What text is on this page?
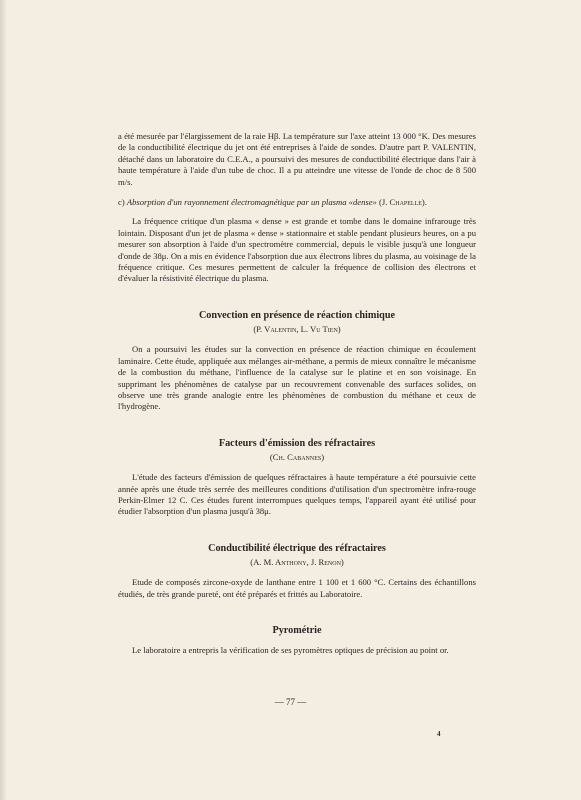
a été mesurée par l'élargissement de la raie Hβ. La température sur l'axe atteint 13 000 °K. Des mesures de la conductibilité électrique du jet ont été entreprises à l'aide de sondes. D'autre part P. VALENTIN, détaché dans un laboratoire du C.E.A., a poursuivi des mesures de conductibilité électrique dans l'air à haute température à l'aide d'un tube de choc. Il a pu atteindre une vitesse de l'onde de choc de 8 500 m/s.

c) Absorption d'un rayonnement électromagnétique par un plasma «dense» (J. Chapelle).

La fréquence critique d'un plasma « dense » est grande et tombe dans le domaine infrarouge très lointain. Disposant d'un jet de plasma « dense » stationnaire et stable pendant plusieurs heures, on a pu mesurer son absorption à l'aide d'un spectromètre commercial, depuis le visible jusqu'à une longueur d'onde de 38μ. On a mis en évidence l'absorption due aux électrons libres du plasma, au voisinage de la fréquence critique. Ces mesures permettent de calculer la fréquence de collision des électrons et d'évaluer la résistivité électrique du plasma.

Convection en présence de réaction chimique

(P. Valentin, L. Vu Tien)

On a poursuivi les études sur la convection en présence de réaction chimique en écoulement laminaire. Cette étude, appliquée aux mélanges air-méthane, a permis de mieux connaître le mécanisme de la combustion du méthane, l'influence de la catalyse sur le platine et en son voisinage. En supprimant les phénomènes de catalyse par un recouvrement convenable des surfaces solides, on observe une très grande analogie entre les phénomènes de combustion du méthane et ceux de l'hydrogène.

Facteurs d'émission des réfractaires

(Ch. Cabannes)

L'étude des facteurs d'émission de quelques réfractaires à haute température a été poursuivie cette année après une étude très serrée des meilleures conditions d'utilisation d'un spectromètre infra-rouge Perkin-Elmer 12 C. Ces études furent interrompues quelques temps, l'appareil ayant été utilisé pour étudier l'absorption d'un plasma jusqu'à 38μ.

Conductibilité électrique des réfractaires

(A. M. Anthony, J. Renon)

Etude de composés zircone-oxyde de lanthane entre 1 100 et 1 600 °C. Certains des échantillons étudiés, de très grande pureté, ont été préparés et frittés au Laboratoire.

Pyrométrie

Le laboratoire a entrepris la vérification de ses pyromètres optiques de précision au point or.

— 77 —
4
